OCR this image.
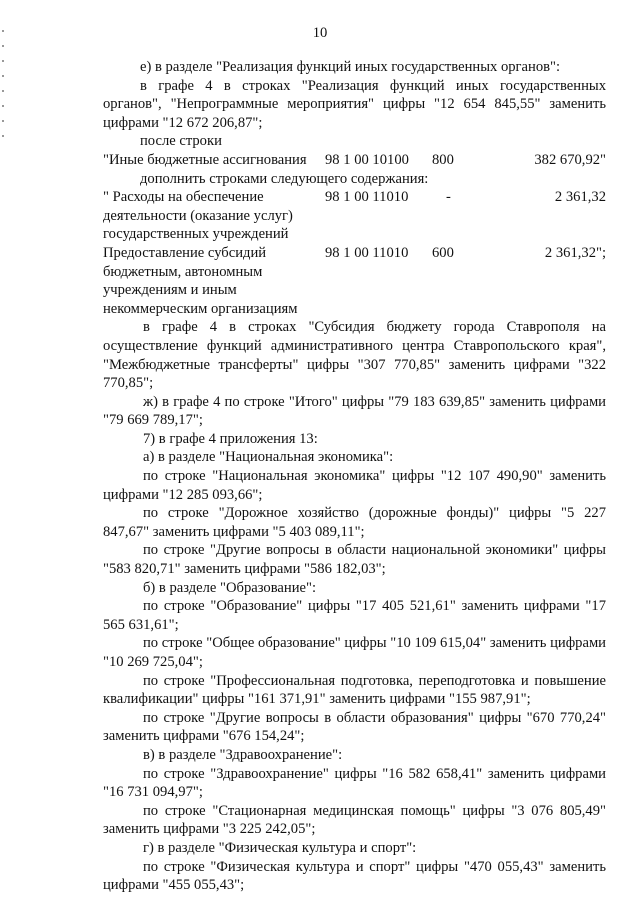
10

е) в разделе "Реализация функций иных государственных органов":

в графе 4 в строках "Реализация функций иных государственных органов", "Непрограммные мероприятия" цифры "12 654 845,55" заменить цифрами "12 672 206,87";

после строки

"Иные бюджетные ассигнования	98 1 00 10100	800	382 670,92"
дополнить строками следующего содержания:			
" Расходы на обеспечение деятельности (оказание услуг) государственных учреждений	98 1 00 11010	-	2 361,32
Предоставление субсидий бюджетным, автономным учреждениям и иным некоммерческим организациям	98 1 00 11010	600	2 361,32";

в графе 4 в строках "Субсидия бюджету города Ставрополя на осуществление функций административного центра Ставропольского края", "Межбюджетные трансферты" цифры "307 770,85" заменить цифрами "322 770,85";

ж) в графе 4 по строке "Итого" цифры "79 183 639,85" заменить цифрами "79 669 789,17";

7) в графе 4 приложения 13:

а) в разделе "Национальная экономика":

по строке "Национальная экономика" цифры "12 107 490,90" заменить цифрами "12 285 093,66";

по строке "Дорожное хозяйство (дорожные фонды)" цифры "5 227 847,67" заменить цифрами "5 403 089,11";

по строке "Другие вопросы в области национальной экономики" цифры "583 820,71" заменить цифрами "586 182,03";

б) в разделе "Образование":

по строке "Образование" цифры "17 405 521,61" заменить цифрами "17 565 631,61";

по строке "Общее образование" цифры "10 109 615,04" заменить цифрами "10 269 725,04";

по строке "Профессиональная подготовка, переподготовка и повышение квалификации" цифры "161 371,91" заменить цифрами "155 987,91";

по строке "Другие вопросы в области образования" цифры "670 770,24" заменить цифрами "676 154,24";

в) в разделе "Здравоохранение":

по строке "Здравоохранение" цифры "16 582 658,41" заменить цифрами "16 731 094,97";

по строке "Стационарная медицинская помощь" цифры "3 076 805,49" заменить цифрами "3 225 242,05";

г) в разделе "Физическая культура и спорт":

по строке "Физическая культура и спорт" цифры "470 055,43" заменить цифрами "455 055,43";
